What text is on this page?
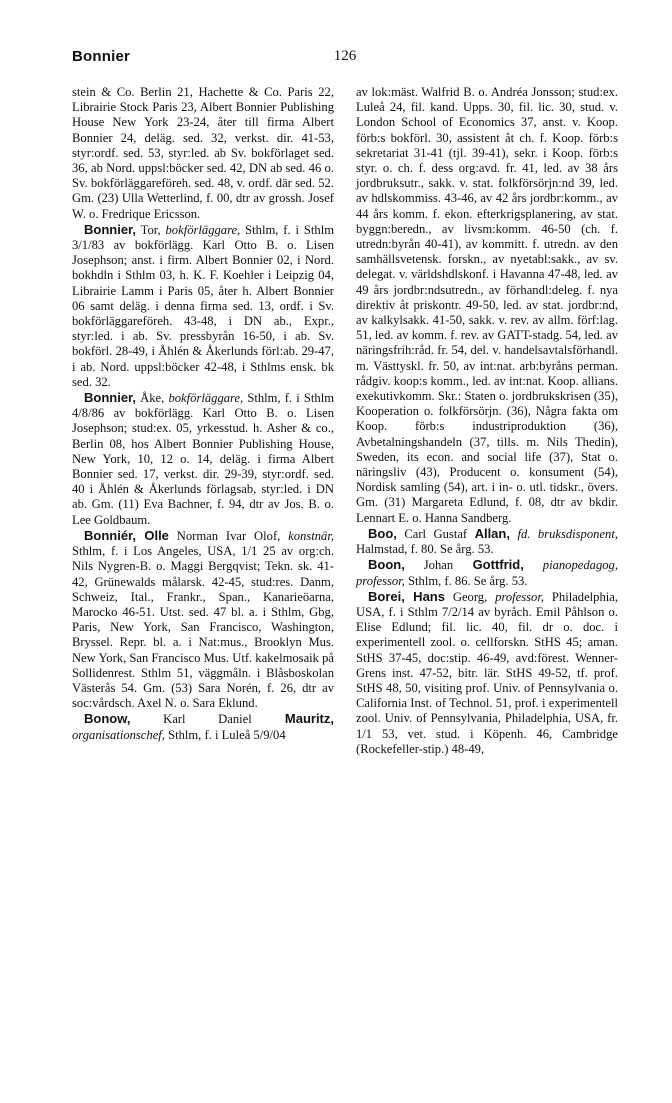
Bonnier	126

stein & Co. Berlin 21, Hachette & Co. Paris 22, Librairie Stock Paris 23, Albert Bonnier Publishing House New York 23-24, åter till firma Albert Bonnier 24, deläg. sed. 32, verkst. dir. 41-53, styr:ordf. sed. 53, styr:led. ab Sv. bokförlaget sed. 36, ab Nord. uppsl:böcker sed. 42, DN ab sed. 46 o. Sv. bokförläggareföreh. sed. 48, v. ordf. där sed. 52. Gm. (23) Ulla Wetterlind, f. 00, dtr av grossh. Josef W. o. Fredrique Ericsson.

Bonnier, Tor, bokförläggare, Sthlm, f. i Sthlm 3/1/83 av bokförlägg. Karl Otto B. o. Lisen Josephson; anst. i firm. Albert Bonnier 02, i Nord. bokhdln i Sthlm 03, h. K. F. Koehler i Leipzig 04, Librairie Lamm i Paris 05, åter h. Albert Bonnier 06 samt deläg. i denna firma sed. 13, ordf. i Sv. bokförläggareföreh. 43-48, i DN ab., Expr., styr:led. i ab. Sv. pressbyrån 16-50, i ab. Sv. bokförl. 28-49, i Åhlén & Åkerlunds förl:ab. 29-47, i ab. Nord. uppsl:böcker 42-48, i Sthlms ensk. bk sed. 32.

Bonnier, Åke, bokförläggare, Sthlm, f. i Sthlm 4/8/86 av bokförlägg. Karl Otto B. o. Lisen Josephson; stud:ex. 05, yrkesstud. h. Asher & co., Berlin 08, hos Albert Bonnier Publishing House, New York, 10, 12 o. 14, deläg. i firma Albert Bonnier sed. 17, verkst. dir. 29-39, styr:ordf. sed. 40 i Åhlén & Åkerlunds förlagsab, styr:led. i DN ab. Gm. (11) Eva Bachner, f. 94, dtr av Jos. B. o. Lee Goldbaum.

Bonniér, Olle Norman Ivar Olof, konstnär, Sthlm, f. i Los Angeles, USA, 1/1 25 av org:ch. Nils Nygren-B. o. Maggi Bergqvist; Tekn. sk. 41-42, Grünewalds målarsk. 42-45, stud:res. Danm, Schweiz, Ital., Frankr., Span., Kanarieöarna, Marocko 46-51. Utst. sed. 47 bl. a. i Sthlm, Gbg, Paris, New York, San Francisco, Washington, Bryssel. Repr. bl. a. i Nat:mus., Brooklyn Mus. New York, San Francisco Mus. Utf. kakelmosaik på Sollidenrest. Sthlm 51, väggmåln. i Blåsboskolan Västerås 54. Gm. (53) Sara Norén, f. 26, dtr av soc:vårdsch. Axel N. o. Sara Eklund.

Bonow, Karl Daniel Mauritz, organisationschef, Sthlm, f. i Luleå 5/9/04

av lok:mäst. Walfrid B. o. Andréa Jonsson; stud:ex. Luleå 24, fil. kand. Upps. 30, fil. lic. 30, stud. v. London School of Economics 37, anst. v. Koop. förb:s bokförl. 30, assistent åt ch. f. Koop. förb:s sekretariat 31-41 (tjl. 39-41), sekr. i Koop. förb:s styr. o. ch. f. dess org:avd. fr. 41, led. av 38 års jordbruksutr., sakk. v. stat. folkförsörjn:nd 39, led. av hdlskommiss. 43-46, av 42 års jordbr:komm., av 44 års komm. f. ekon. efterkrigsplanering, av stat. byggn:beredn., av livsm:komm. 46-50 (ch. f. utredn:byrån 40-41), av kommitt. f. utredn. av den samhällsvetensk. forskn., av nyetabl:sakk., av sv. delegat. v. världshdlskonf. i Havanna 47-48, led. av 49 års jordbr:ndsutredn., av förhandl:deleg. f. nya direktiv åt priskontr. 49-50, led. av stat. jordbr:nd, av kalkylsakk. 41-50, sakk. v. rev. av allm. förf:lag. 51, led. av komm. f. rev. av GATT-stadg. 54, led. av näringsfrih:råd. fr. 54, del. v. handelsavtalsförhandl. m. Västtyskl. fr. 50, av int:nat. arb:byråns perman. rådgiv. koop:s komm., led. av int:nat. Koop. allians. exekutivkomm. Skr.: Staten o. jordbrukskrisen (35), Kooperation o. folkförsörjn. (36), Några fakta om Koop. förb:s industriproduktion (36), Avbetalningshandeln (37, tills. m. Nils Thedin), Sweden, its econ. and social life (37), Stat o. näringsliv (43), Producent o. konsument (54), Nordisk samling (54), art. i in- o. utl. tidskr., övers. Gm. (31) Margareta Edlund, f. 08, dtr av bkdir. Lennart E. o. Hanna Sandberg.

Boo, Carl Gustaf Allan, fd. bruksdisponent, Halmstad, f. 80. Se årg. 53.

Boon, Johan Gottfrid, pianopedagog, professor, Sthlm, f. 86. Se årg. 53.

Borei, Hans Georg, professor, Philadelphia, USA, f. i Sthlm 7/2/14 av byråch. Emil Påhlson o. Elise Edlund; fil. lic. 40, fil. dr o. doc. i experimentell zool. o. cellforskn. StHS 45; aman. StHS 37-45, doc:stip. 46-49, avd:förest. Wenner-Grens inst. 47-52, bitr. lär. StHS 49-52, tf. prof. StHS 48, 50, visiting prof. Univ. of Pennsylvania o. California Inst. of Technol. 51, prof. i experimentell zool. Univ. of Pennsylvania, Philadelphia, USA, fr. 1/1 53, vet. stud. i Köpenh. 46, Cambridge (Rockefeller-stip.) 48-49,
